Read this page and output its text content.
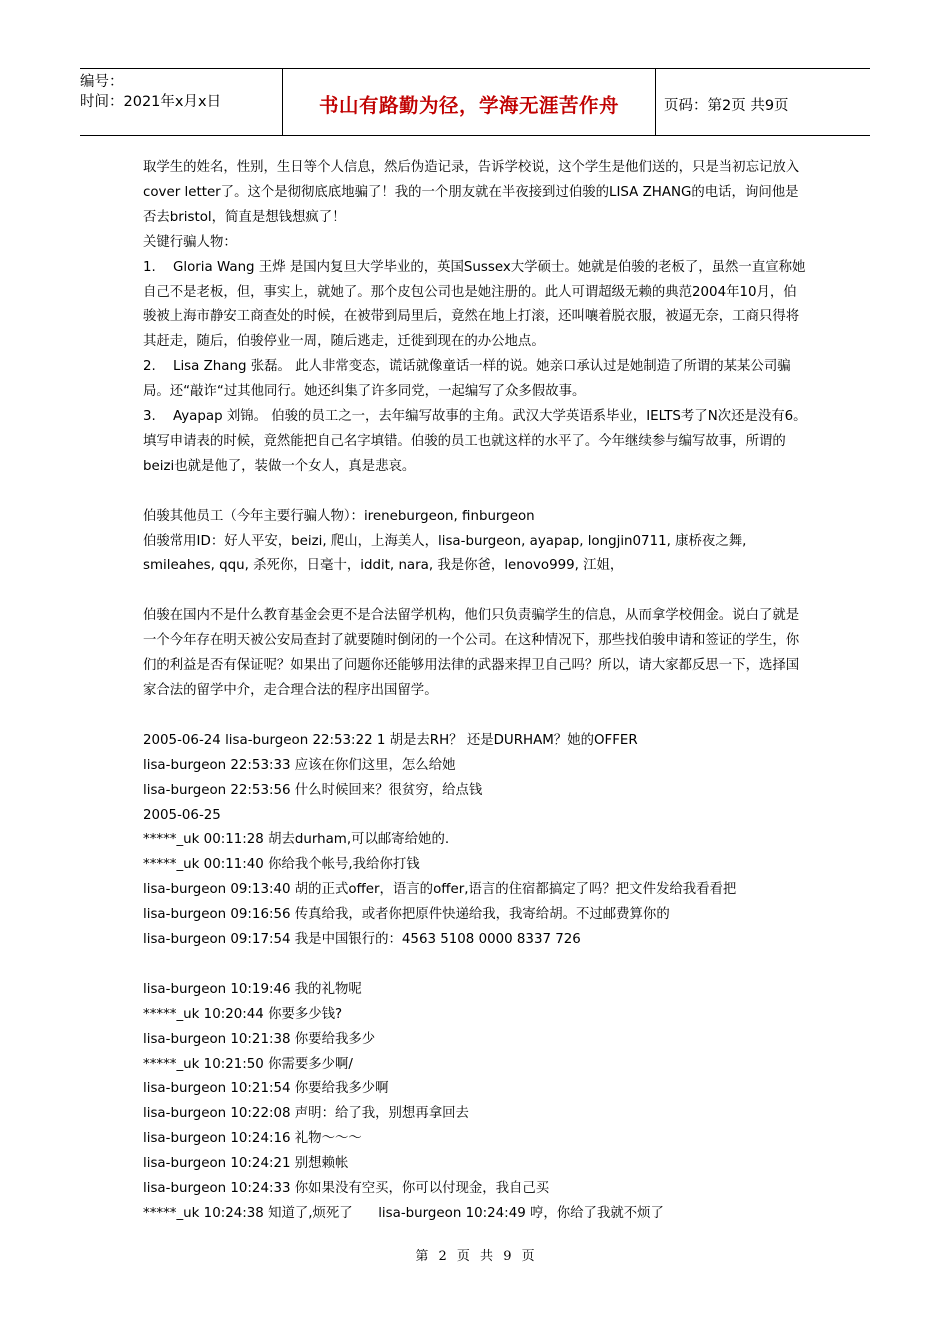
编号：
时间：2021年x月x日	书山有路勤为径，学海无涯苦作舟	页码：第2页 共9页

取学生的姓名，性别，生日等个人信息，然后伪造记录，告诉学校说，这个学生是他们送的，只是当初忘记放入cover letter了。这个是彻彻底底地骗了！我的一个朋友就在半夜接到过伯骏的LISA ZHANG的电话，询问他是否去bristol，简直是想钱想疯了！

关键行骗人物：

1. Gloria Wang 王烨 是国内复旦大学毕业的，英国Sussex大学硕士。她就是伯骏的老板了，虽然一直宣称她自己不是老板，但，事实上，就她了。那个皮包公司也是她注册的。此人可谓超级无赖的典范2004年10月，伯骏被上海市静安工商查处的时候，在被带到局里后，竟然在地上打滚，还叫嚷着脱衣服，被逼无奈，工商只得将其赶走，随后，伯骏停业一周，随后逃走，迁徙到现在的办公地点。

2. Lisa Zhang 张磊。 此人非常变态，谎话就像童话一样的说。她亲口承认过是她制造了所谓的某某公司骗局。还“敲诈“过其他同行。她还纠集了许多同党，一起编写了众多假故事。

3. Ayapap 刘锦。 伯骏的员工之一，去年编写故事的主角。武汉大学英语系毕业，IELTS考了N次还是没有6。填写申请表的时候，竟然能把自己名字填错。伯骏的员工也就这样的水平了。今年继续参与编写故事，所谓的beizi也就是他了，装做一个女人，真是悲哀。

伯骏其他员工（今年主要行骗人物）：ireneburgeon, finburgeon

伯骏常用ID：好人平安，beizi, 爬山，上海美人，lisa-burgeon, ayapap, longjin0711, 康桥夜之舞, smileahes, qqu, 杀死你，日毫十，iddit, nara, 我是你爸，lenovo999, 江姐，

伯骏在国内不是什么教育基金会更不是合法留学机构，他们只负责骗学生的信息，从而拿学校佣金。说白了就是一个今年存在明天被公安局查封了就要随时倒闭的一个公司。在这种情况下，那些找伯骏申请和签证的学生，你们的利益是否有保证呢？如果出了问题你还能够用法律的武器来捍卫自己吗？所以，请大家都反思一下，选择国家合法的留学中介，走合理合法的程序出国留学。

2005-06-24 lisa-burgeon 22:53:22 1 胡是去RH？ 还是DURHAM？她的OFFER

lisa-burgeon 22:53:33 应该在你们这里，怎么给她

lisa-burgeon 22:53:56 什么时候回来？很贫穷，给点钱

2005-06-25

*****_uk 00:11:28 胡去durham,可以邮寄给她的.

*****_uk 00:11:40 你给我个帐号,我给你打钱

lisa-burgeon 09:13:40 胡的正式offer，语言的offer,语言的住宿都搞定了吗？把文件发给我看看把

lisa-burgeon 09:16:56 传真给我，或者你把原件快递给我，我寄给胡。不过邮费算你的

lisa-burgeon 09:17:54 我是中国银行的：4563 5108 0000 8337 726

lisa-burgeon 10:19:46 我的礼物呢

*****_uk 10:20:44 你要多少钱?

lisa-burgeon 10:21:38 你要给我多少

*****_uk 10:21:50 你需要多少啊/

lisa-burgeon 10:21:54 你要给我多少啊

lisa-burgeon 10:22:08 声明：给了我，别想再拿回去

lisa-burgeon 10:24:16 礼物～～～

lisa-burgeon 10:24:21 别想赖帐

lisa-burgeon 10:24:33 你如果没有空买，你可以付现金，我自己买

*****_uk 10:24:38 知道了,烦死了      lisa-burgeon 10:24:49 哼，你给了我就不烦了

第 2 页 共 9 页
